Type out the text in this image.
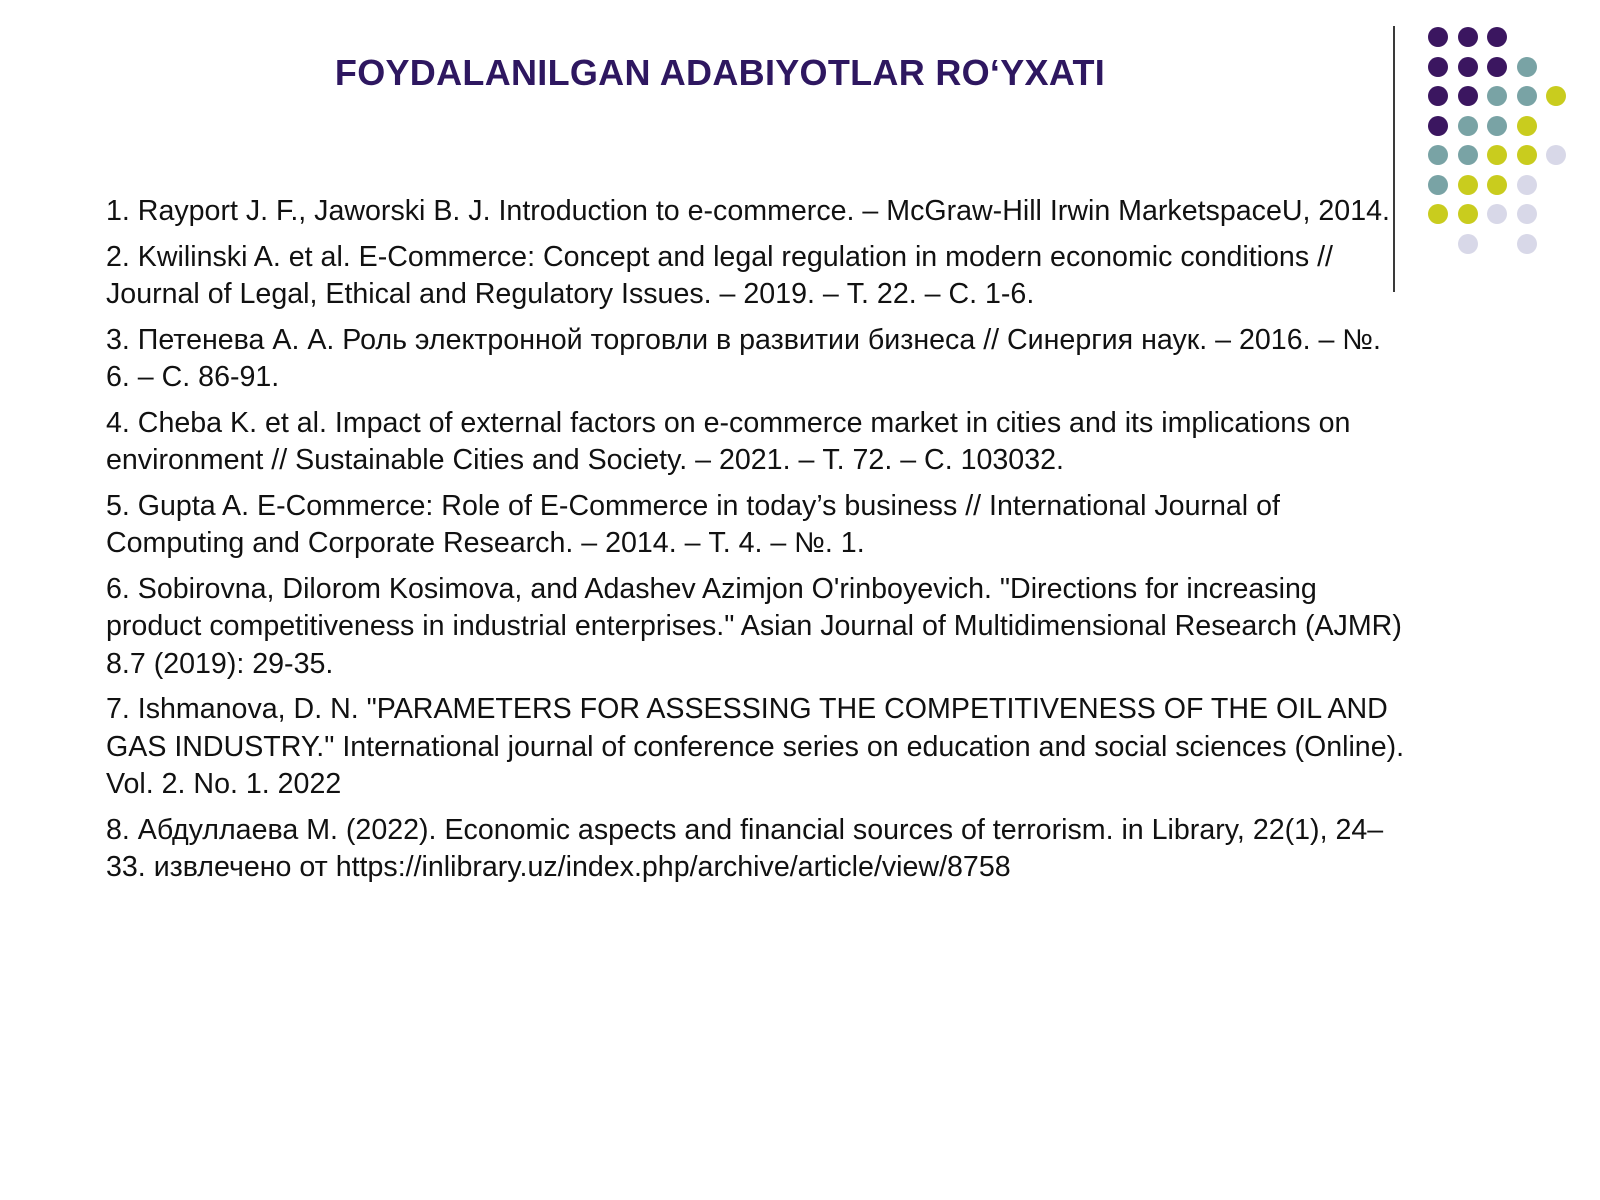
FOYDALANILGAN ADABIYOTLAR RO‘YXATI
1. Rayport J. F., Jaworski B. J. Introduction to e-commerce. – McGraw-Hill Irwin MarketspaceU, 2014.
2. Kwilinski A. et al. E-Commerce: Concept and legal regulation in modern economic conditions // Journal of Legal, Ethical and Regulatory Issues. – 2019. – Т. 22. – С. 1-6.
3. Петенева А. А. Роль электронной торговли в развитии бизнеса // Синергия наук. – 2016. – №. 6. – С. 86-91.
4. Cheba K. et al. Impact of external factors on e-commerce market in cities and its implications on environment // Sustainable Cities and Society. – 2021. – Т. 72. – С. 103032.
5. Gupta A. E-Commerce: Role of E-Commerce in today’s business // International Journal of Computing and Corporate Research. – 2014. – Т. 4. – №. 1.
6. Sobirovna, Dilorom Kosimova, and Adashev Azimjon O'rinboyevich. "Directions for increasing product competitiveness in industrial enterprises." Asian Journal of Multidimensional Research (AJMR) 8.7 (2019): 29-35.
7. Ishmanova, D. N. "PARAMETERS FOR ASSESSING THE COMPETITIVENESS OF THE OIL AND GAS INDUSTRY." International journal of conference series on education and social sciences (Online). Vol. 2. No. 1. 2022
8. Абдуллаева М. (2022). Economic aspects and financial sources of terrorism. in Library, 22(1), 24–33. извлечено от https://inlibrary.uz/index.php/archive/article/view/8758
